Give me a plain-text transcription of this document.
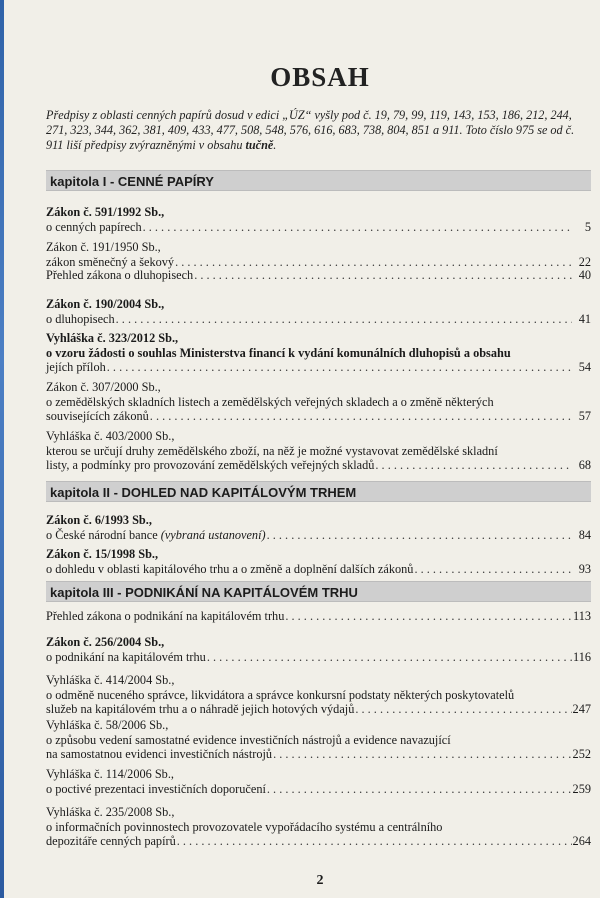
OBSAH
Předpisy z oblasti cenných papírů dosud v edici „ÚZ“ vyšly pod č. 19, 79, 99, 119, 143, 153, 186, 212, 244, 271, 323, 344, 362, 381, 409, 433, 477, 508, 548, 576, 616, 683, 738, 804, 851 a 911. Toto číslo 975 se od č. 911 liší předpisy zvýrazněnými v obsahu tučně.
kapitola I - CENNÉ PAPÍRY
Zákon č. 591/1992 Sb.,
o cenných papírech . . .	5
Zákon č. 191/1950 Sb.,
zákon směnečný a šekový . . .	22
Přehled zákona o dluhopisech . . .	40
Zákon č. 190/2004 Sb.,
o dluhopisech . . .	41
Vyhláška č. 323/2012 Sb.,
o vzoru žádosti o souhlas Ministerstva financí k vydání komunálních dluhopisů a obsahu
jejích příloh . . .	54
Zákon č. 307/2000 Sb.,
o zemědělských skladních listech a zemědělských veřejných skladech a o změně některých
souvisejících zákonů . . .	57
Vyhláška č. 403/2000 Sb.,
kterou se určují druhy zemědělského zboží, na něž je možné vystavovat zemědělské skladní
listy, a podmínky pro provozování zemědělských veřejných skladů . . .	68
kapitola II - DOHLED NAD KAPITÁLOVÝM TRHEM
Zákon č. 6/1993 Sb.,
o České národní bance (vybraná ustanovení) . . .	84
Zákon č. 15/1998 Sb.,
o dohledu v oblasti kapitálového trhu a o změně a doplnění dalších zákonů . . .	93
kapitola III - PODNIKÁNÍ NA KAPITÁLOVÉM TRHU
Přehled zákona o podnikání na kapitálovém trhu . . .	113
Zákon č. 256/2004 Sb.,
o podnikání na kapitálovém trhu . . .	116
Vyhláška č. 414/2004 Sb.,
o odměně nuceného správce, likvidátora a správce konkursní podstaty některých poskytovatelů
služeb na kapitálovém trhu a o náhradě jejich hotových výdajů . . .	247
Vyhláška č. 58/2006 Sb.,
o způsobu vedení samostatné evidence investičních nástrojů a evidence navazující
na samostatnou evidenci investičních nástrojů . . .	252
Vyhláška č. 114/2006 Sb.,
o poctivé prezentaci investičních doporučení . . .	259
Vyhláška č. 235/2008 Sb.,
o informačních povinnostech provozovatele vypořádacího systému a centrálního
depozitáře cenných papírů . . .	264
2
